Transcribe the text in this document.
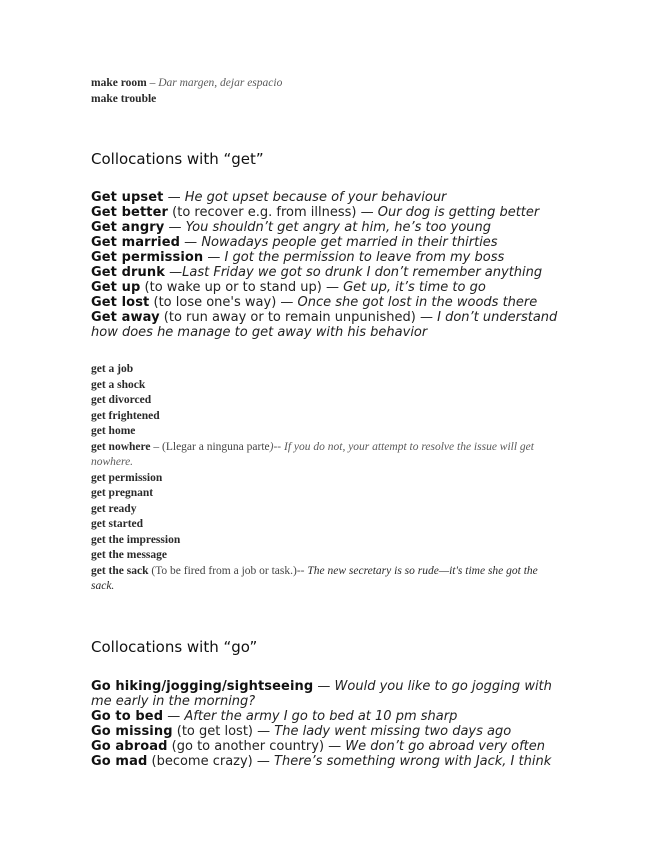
make room – Dar margen, dejar espacio
make trouble
Collocations with “get”
Get upset — He got upset because of your behaviour
Get better (to recover e.g. from illness) — Our dog is getting better
Get angry — You shouldn’t get angry at him, he’s too young
Get married — Nowadays people get married in their thirties
Get permission — I got the permission to leave from my boss
Get drunk —Last Friday we got so drunk I don’t remember anything
Get up (to wake up or to stand up) — Get up, it’s time to go
Get lost (to lose one's way) — Once she got lost in the woods there
Get away (to run away or to remain unpunished) — I don’t understand how does he manage to get away with his behavior
get a job
get a shock
get divorced
get frightened
get home
get nowhere – (Llegar a ninguna parte)-- If you do not, your attempt to resolve the issue will get nowhere.
get permission
get pregnant
get ready
get started
get the impression
get the message
get the sack (To be fired from a job or task.)-- The new secretary is so rude—it's time she got the sack.
Collocations with “go”
Go hiking/jogging/sightseeing — Would you like to go jogging with me early in the morning?
Go to bed — After the army I go to bed at 10 pm sharp
Go missing (to get lost) — The lady went missing two days ago
Go abroad (go to another country) — We don’t go abroad very often
Go mad (become crazy) — There’s something wrong with Jack, I think
